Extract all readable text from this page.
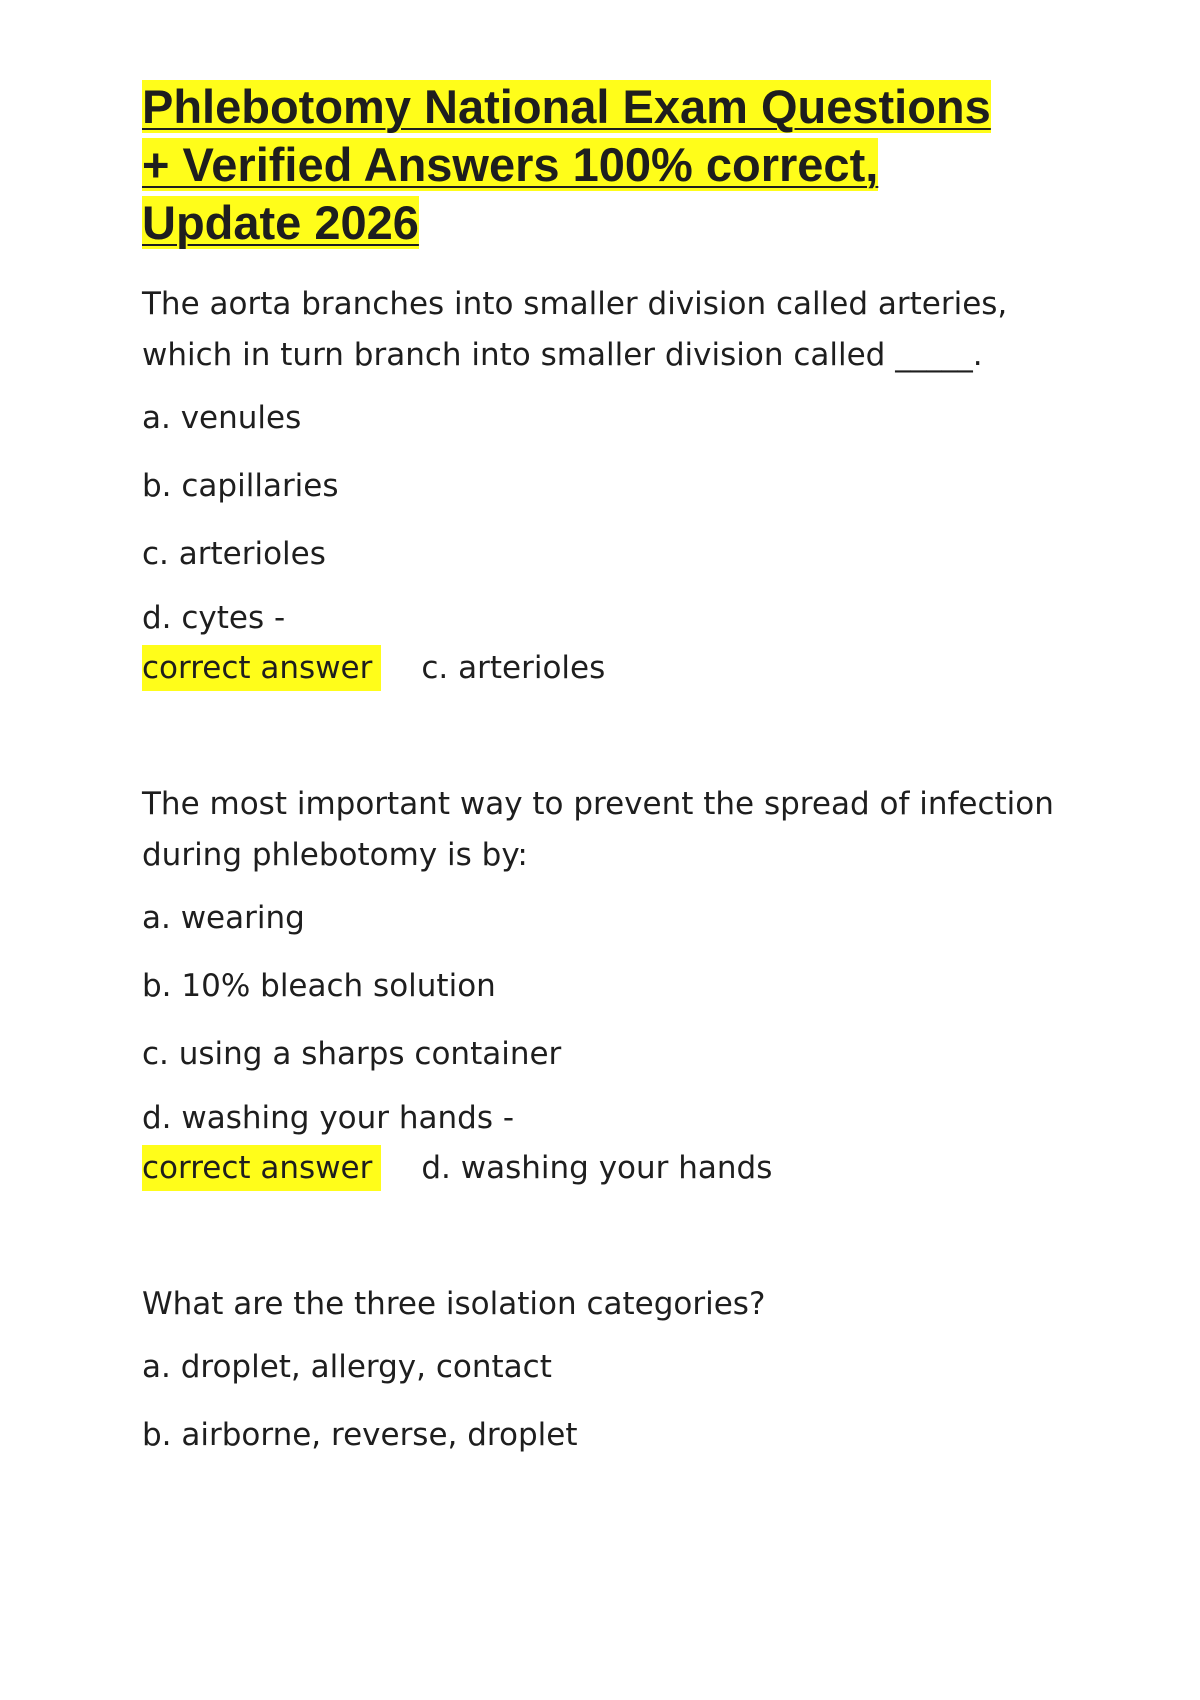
Phlebotomy National Exam Questions
+ Verified Answers 100% correct,
Update 2026

The aorta branches into smaller division called arteries, which in turn branch into smaller division called _____.

a. venules

b. capillaries

c. arterioles

d. cytes -

correct answer c. arterioles

The most important way to prevent the spread of infection during phlebotomy is by:

a. wearing

b. 10% bleach solution

c. using a sharps container

d. washing your hands -

correct answer d. washing your hands

What are the three isolation categories?

a. droplet, allergy, contact

b. airborne, reverse, droplet
